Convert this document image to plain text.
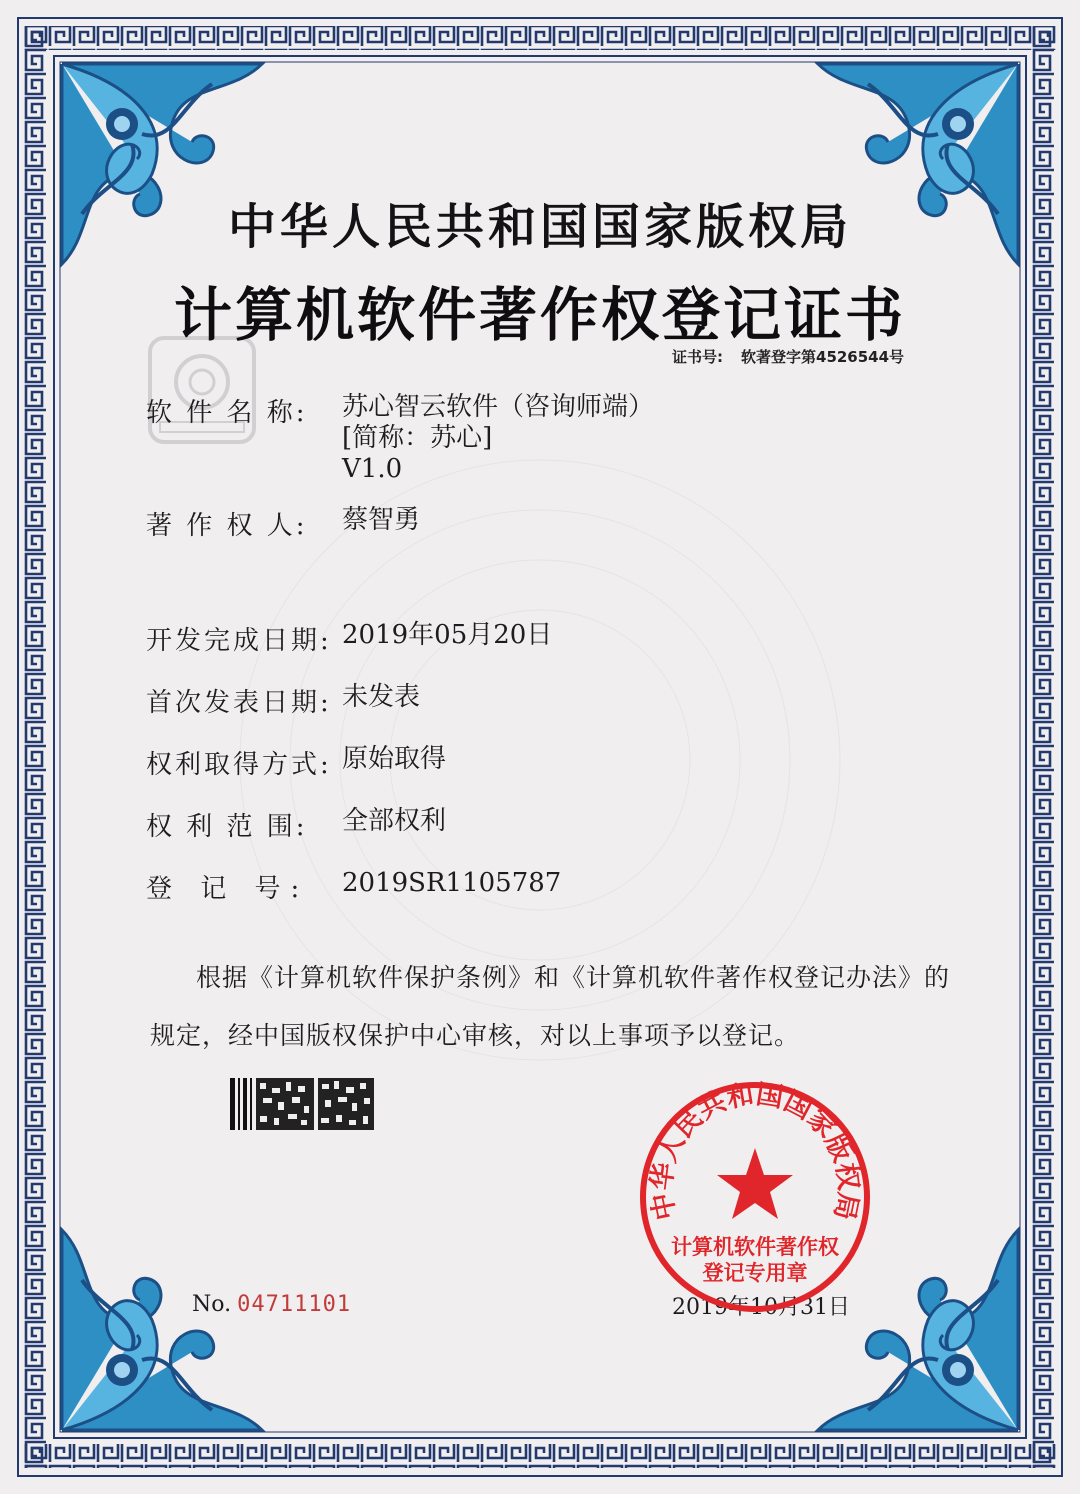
中华人民共和国国家版权局
计算机软件著作权登记证书
证书号: 软著登字第4526544号
软 件 名 称: 苏心智云软件（咨询师端）
[简称：苏心]
V1.0
著 作 权 人: 蔡智勇
开发完成日期: 2019年05月20日
首次发表日期: 未发表
权利取得方式: 原始取得
权 利 范 围: 全部权利
登 记 号: 2019SR1105787
根据《计算机软件保护条例》和《计算机软件著作权登记办法》的
规定，经中国版权保护中心审核，对以上事项予以登记。
No. 04711101	2019年10月31日
中华人民共和国国家版权局
计算机软件著作权
登记专用章
